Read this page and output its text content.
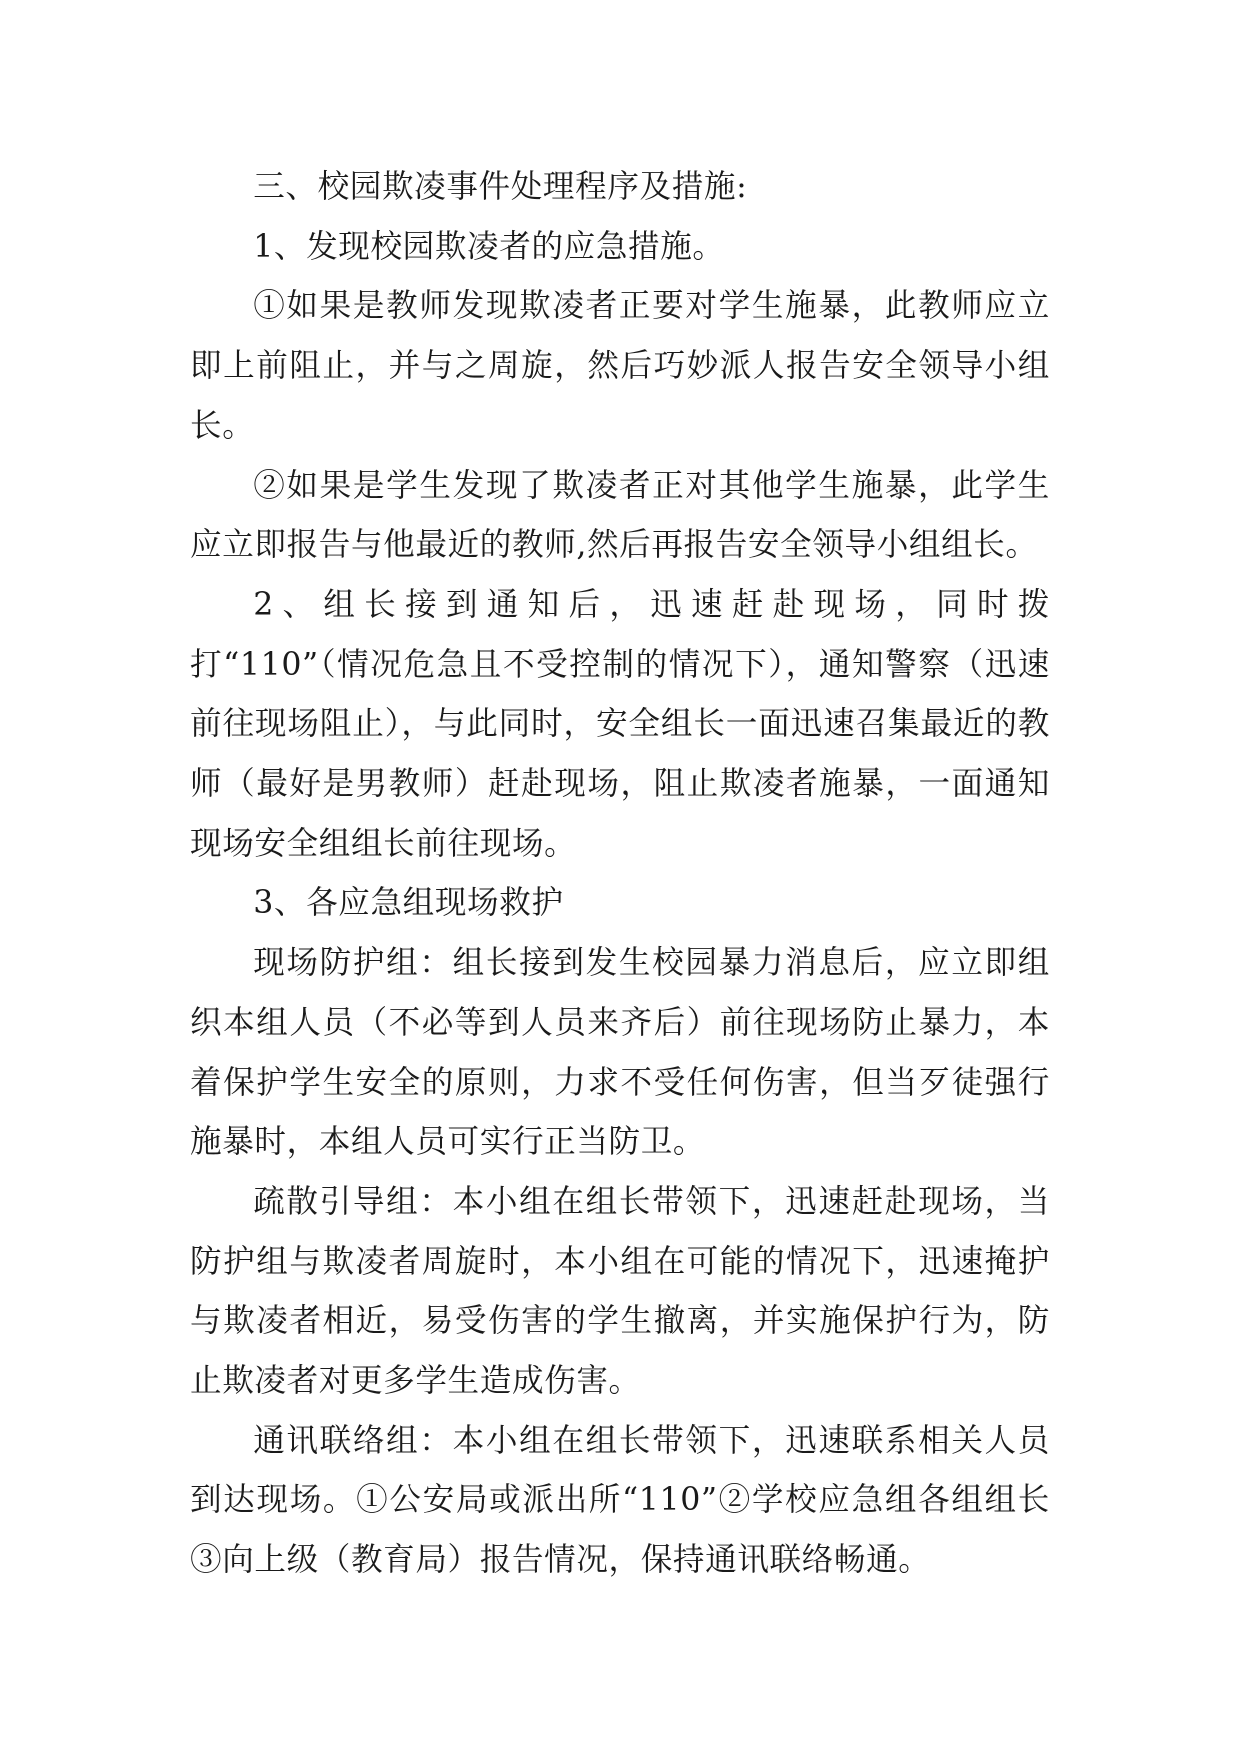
三、校园欺凌事件处理程序及措施:

1、发现校园欺凌者的应急措施。

①如果是教师发现欺凌者正要对学生施暴，此教师应立即上前阻止，并与之周旋，然后巧妙派人报告安全领导小组长。

②如果是学生发现了欺凌者正对其他学生施暴，此学生应立即报告与他最近的教师,然后再报告安全领导小组组长。

2、组长接到通知后，迅速赶赴现场，同时拨打“110”（情况危急且不受控制的情况下），通知警察（迅速前往现场阻止），与此同时，安全组长一面迅速召集最近的教师（最好是男教师）赶赴现场，阻止欺凌者施暴，一面通知现场安全组组长前往现场。

3、各应急组现场救护

现场防护组：组长接到发生校园暴力消息后，应立即组织本组人员（不必等到人员来齐后）前往现场防止暴力，本着保护学生安全的原则，力求不受任何伤害，但当歹徒强行施暴时，本组人员可实行正当防卫。

疏散引导组：本小组在组长带领下，迅速赶赴现场，当防护组与欺凌者周旋时，本小组在可能的情况下，迅速掩护与欺凌者相近，易受伤害的学生撤离，并实施保护行为，防止欺凌者对更多学生造成伤害。

通讯联络组：本小组在组长带领下，迅速联系相关人员到达现场。①公安局或派出所“110”②学校应急组各组组长③向上级（教育局）报告情况，保持通讯联络畅通。
